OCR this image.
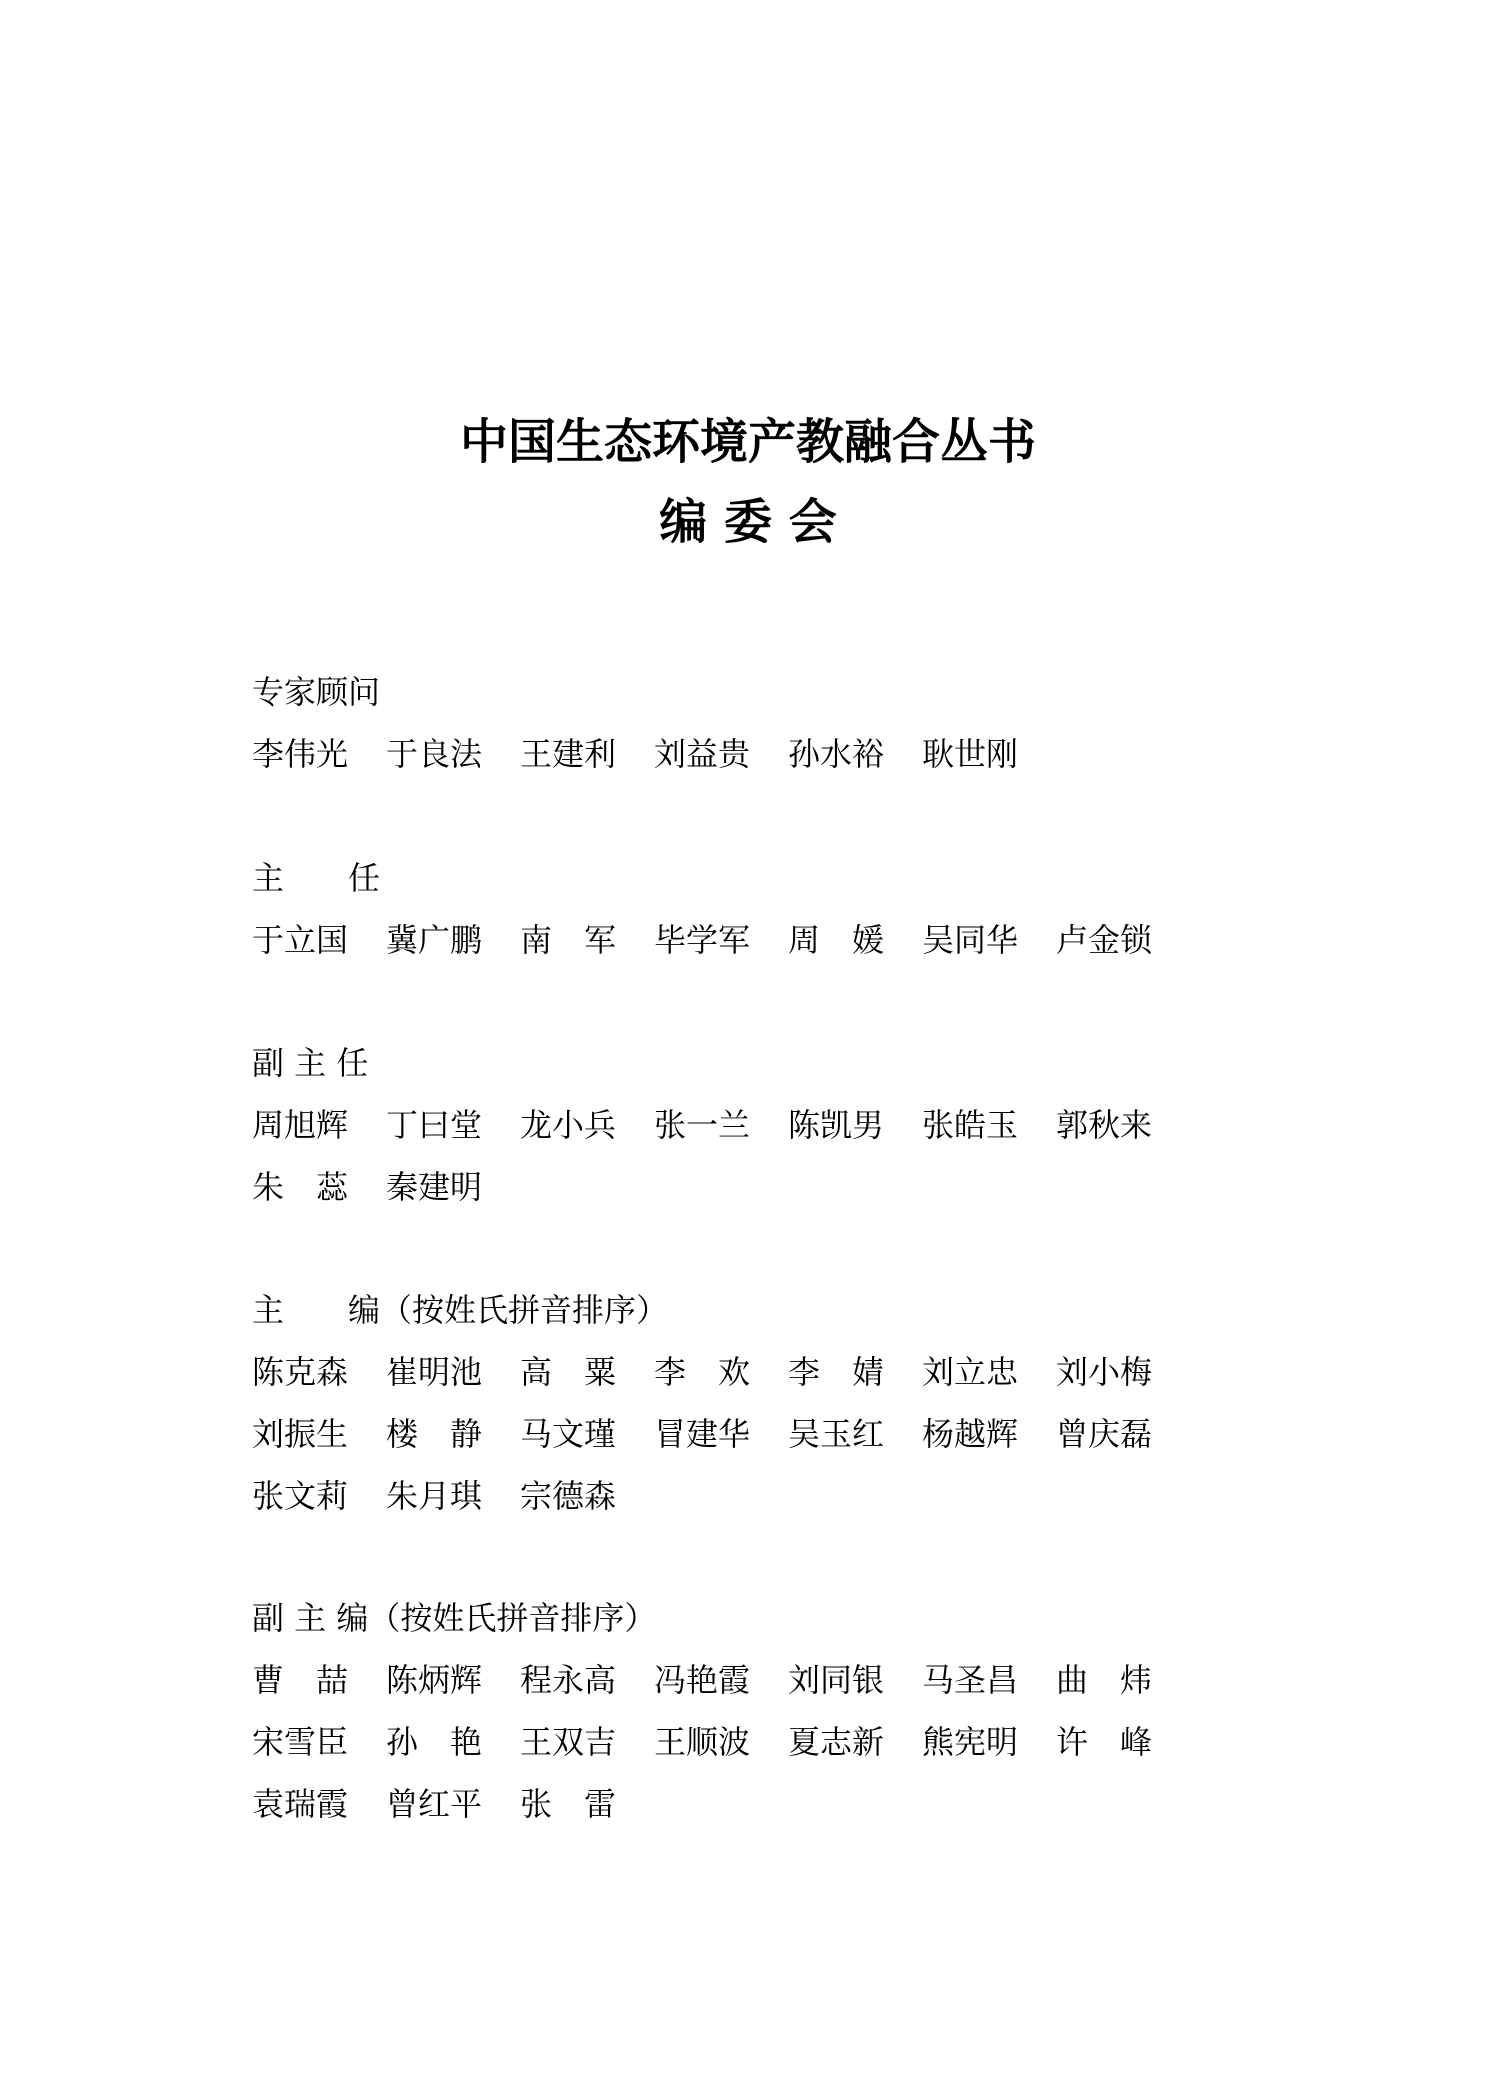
中国生态环境产教融合丛书
编 委 会
专家顾问
李伟光 于良法 王建利 刘益贵 孙水裕 耿世刚
主　　任
于立国 冀广鹏 南　军 毕学军 周　媛 吴同华 卢金锁
副 主 任
周旭辉 丁曰堂 龙小兵 张一兰 陈凯男 张皓玉 郭秋来
朱　蕊 秦建明
主　　编（按姓氏拼音排序）
陈克森 崔明池 高　粟 李　欢 李　婧 刘立忠 刘小梅
刘振生 楼　静 马文瑾 冒建华 吴玉红 杨越辉 曾庆磊
张文莉 朱月琪 宗德森
副 主 编（按姓氏拼音排序）
曹　喆 陈炳辉 程永高 冯艳霞 刘同银 马圣昌 曲　炜
宋雪臣 孙　艳 王双吉 王顺波 夏志新 熊宪明 许　峰
袁瑞霞 曾红平 张　雷
